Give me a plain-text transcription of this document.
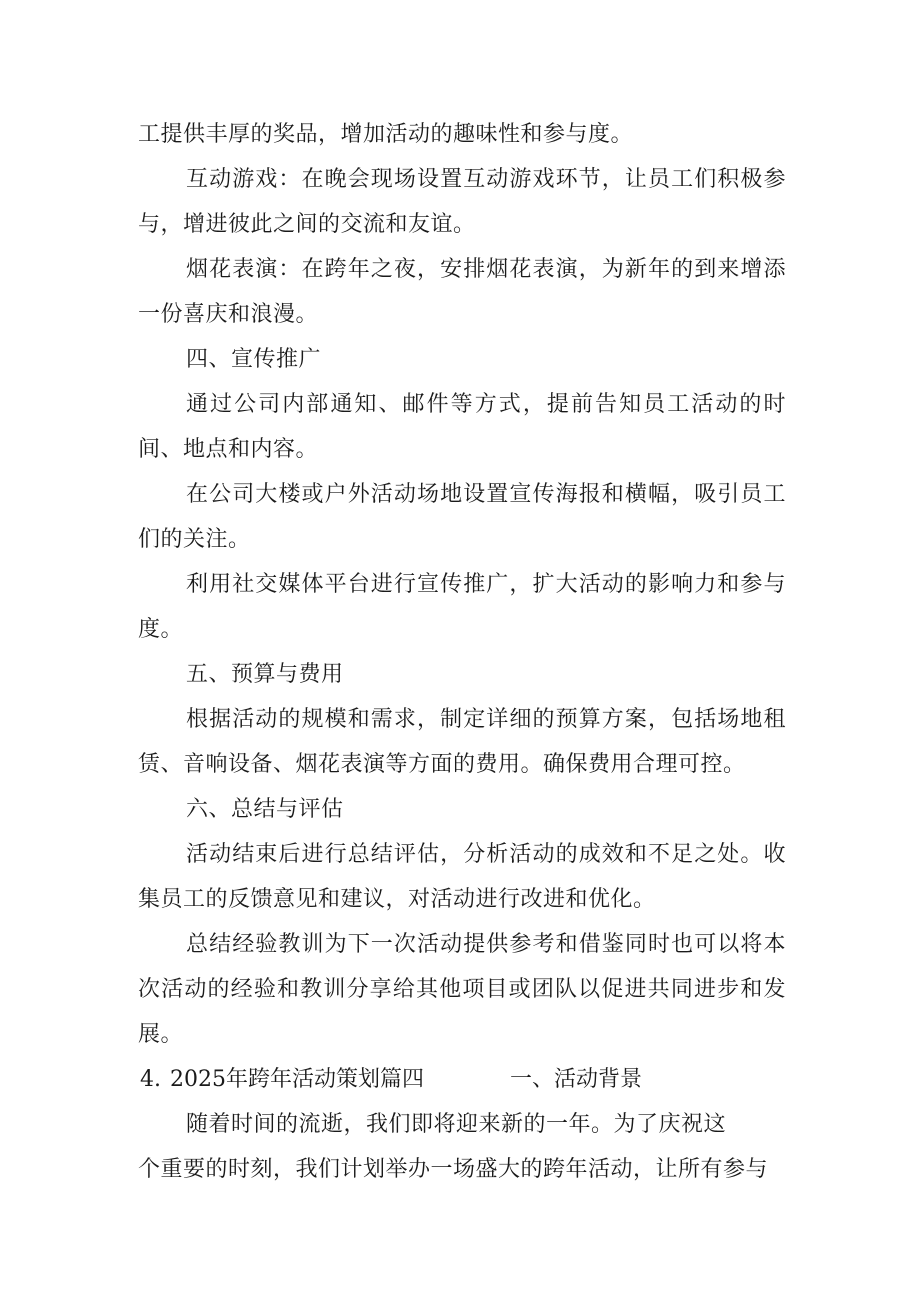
工提供丰厚的奖品，增加活动的趣味性和参与度。

互动游戏：在晚会现场设置互动游戏环节，让员工们积极参与，增进彼此之间的交流和友谊。

烟花表演：在跨年之夜，安排烟花表演，为新年的到来增添一份喜庆和浪漫。

四、宣传推广

通过公司内部通知、邮件等方式，提前告知员工活动的时间、地点和内容。

在公司大楼或户外活动场地设置宣传海报和横幅，吸引员工们的关注。

利用社交媒体平台进行宣传推广，扩大活动的影响力和参与度。

五、预算与费用

根据活动的规模和需求，制定详细的预算方案，包括场地租赁、音响设备、烟花表演等方面的费用。确保费用合理可控。

六、总结与评估

活动结束后进行总结评估，分析活动的成效和不足之处。收集员工的反馈意见和建议，对活动进行改进和优化。

总结经验教训为下一次活动提供参考和借鉴同时也可以将本次活动的经验和教训分享给其他项目或团队以促进共同进步和发展。

4. 2025年跨年活动策划篇四	一、活动背景

随着时间的流逝，我们即将迎来新的一年。为了庆祝这

个重要的时刻，我们计划举办一场盛大的跨年活动，让所有参与
